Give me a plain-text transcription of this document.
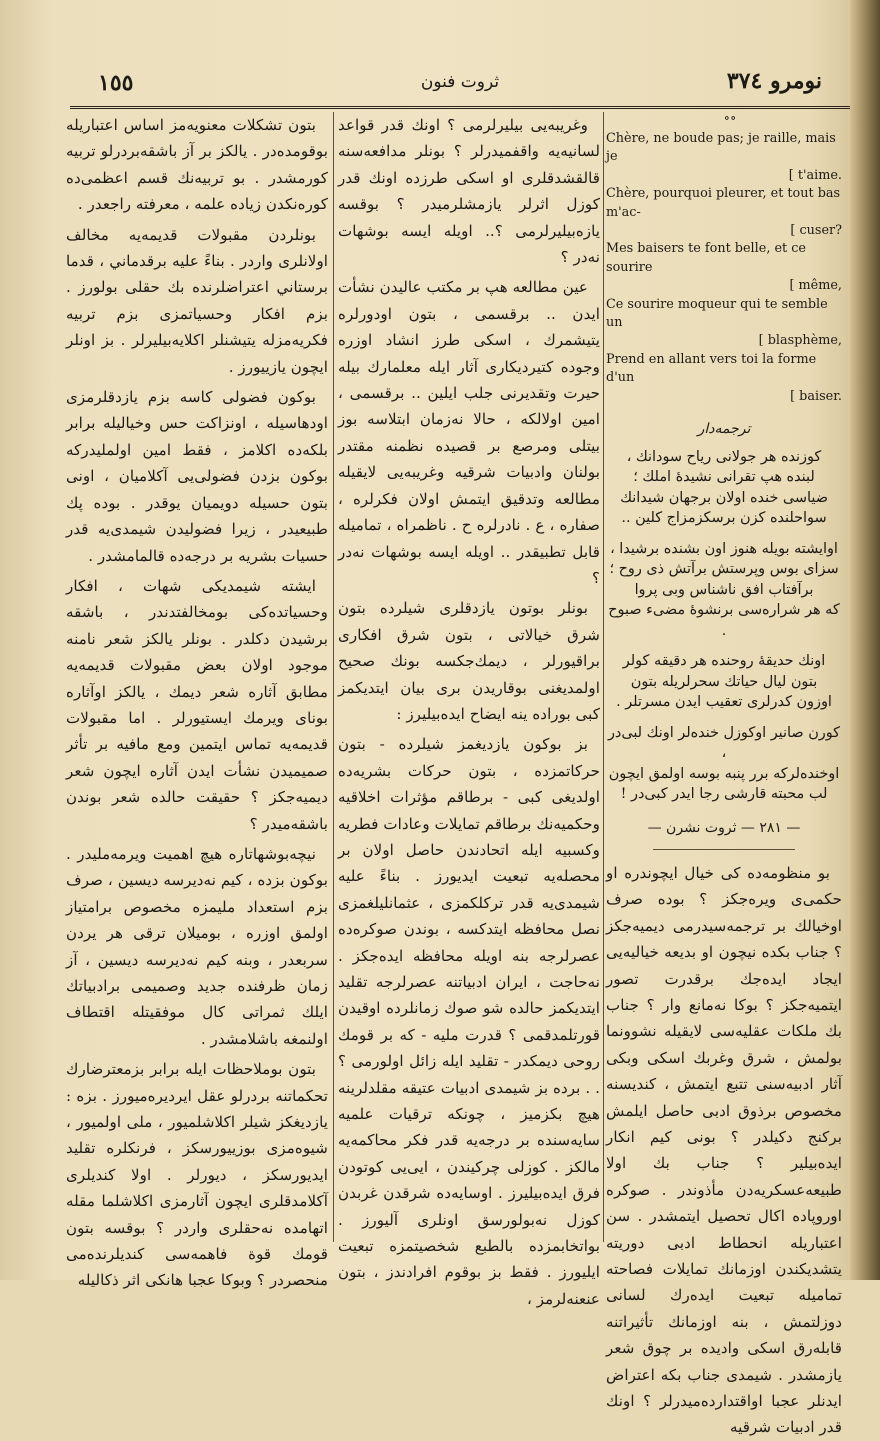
١٥٥	ثروت فنون	نومرو ٣٧٤

بتون تشكلات معنويه‌مز اساس اعتباريله بوقومده‌در . يالكز بر آز باشقه‌بردرلو تربيه كورمشدر . بو تربيه‌نك قسم اعظمى‌ده كوره‌نكدن زياده علمه ، معرفته راجعدر .

بونلردن مقبولات قديمه‌يه مخالف اولانلرى واردر . بناءً عليه برقدماني ، قدما برستاني اعتراضلرنده بك حقلى بولورز . بزم افكار وحسياتمزى بزم تربيه فكريه‌مزله يتيشنلر اكلايه‌بيليرلر . بز اونلر ايچون يازييورز .

بوكون فضولى كاسه بزم يازدقلرمزى اودهاسيله ، اونزاكت حس وخياليله برابر بلكه‌ده اكلامز ، فقط امين اولمليدركه بوكون بزدن فضولى‌يى آكلاميان ، اونى بتون حسيله دويميان يوقدر . بوده پك طبيعيدر ، زيرا فضوليدن شيمدى‌يه قدر حسيات بشريه بر درجه‌ده قالمامشدر .

ايشته شيمديكى شهات ، افكار وحسياتده‌كى بومخالفتدندر ، باشقه برشيدن دكلدر . بونلر يالكز شعر نامنه موجود اولان بعض مقبولات قديمه‌يه مطابق آثاره شعر ديمك ، يالكز اوآثاره بوناى ويرمك ايستيورلر . اما مقبولات قديمه‌يه تماس ايتمين ومع مافيه بر تأثر صميميدن نشأت ايدن آثاره ايچون شعر ديميه‌جكز ؟ حقيقت حالده شعر بوندن باشقه‌ميدر ؟

نيچه‌بوشهاتاره هيچ اهميت ويرمه‌مليدر . بوكون بزده ، كيم نه‌ديرسه ديسين ، صرف بزم استعداد مليمزه مخصوص برامتياز اولمق اوزره ، بوميلان ترقى هر يردن سربعدر ، وبنه كيم نه‌ديرسه ديسين ، آز زمان ظرفنده جديد وصميمى برادبياتك ايلك ثمراتى كال موفقيتله اقتطاف اولنمغه باشلامشدر .

بتون بوملاحظات ايله برابر بزمعترضارك تحكماتنه بردرلو عقل ايرديره‌ميورز . بزه : يازديغكز شيلر اكلاشلميور ، ملى اولميور ، شيوه‌مزى بوزييورسكز ، فرنكلره تقليد ايديورسكز ، ديورلر . اولا كنديلرى آكلامدقلرى ايچون آثارمزى اكلاشلما مقله اتهامده نه‌حقلرى واردر ؟ بوقسه بتون قومك قوة فاهمه‌سى كنديلرنده‌مى منحصردر ؟ وبوكا عجبا هانكى اثر ذكاليله

وغريبه‌يى بيليرلرمى ؟ اونك قدر قواعد لسانيه‌يه واقفميدرلر ؟ بونلر مدافعه‌سنه قالقشدقلرى او اسكى طرزده اونك قدر كوزل اثرلر يازمشلرميدر ؟ بوقسه يازه‌بيليرلرمى ؟.. اويله ايسه بوشهات نه‌در ؟

عين مطالعه هپ بر مكتب عاليدن نشأت ايدن .. برقسمى ، بتون اودورلره يتيشمرك ، اسكى طرز انشاد اوزره وجوده كتيرديكارى آثار ايله معلمارك بيله حيرت وتقديرنى جلب ايلين .. برقسمى ، امين اولالكه ، حالا نه‌زمان ابتلاسه بوز بيتلى ومرصع بر قصيده نظمنه مقتدر بولنان وادبيات شرقيه وغريبه‌يى لايقيله مطالعه وتدقيق ايتمش اولان فكرلره ، صفاره ، ع . نادرلره ح . ناظمراه ، تماميله قابل تطبيقدر .. اويله ايسه بوشهات نه‌در ؟

بونلر بوتون يازدقلرى شيلرده بتون شرق خيالاتى ، بتون شرق افكارى براقيورلر ، ديمك‌جكسه بونك صحيح اولمديغنى بوقاريدن برى بيان ايتديكمز كبى بوراده ينه ايضاح ايده‌بيليرز :

بز بوكون يازديغمز شيلرده - بتون حركاتمزده ، بتون حركات بشريه‌ده اولديغى كبى - برطاقم مؤثرات اخلاقيه وحكميه‌نك برطاقم تمايلات وعادات فطريه وكسبيه ايله اتحادندن حاصل اولان بر محصله‌يه تبعيت ايديورز . بناءً عليه شيمدى‌يه قدر تركلكمزى ، عثمانليلغمزى نصل محافظه ايتدكسه ، بوندن صوكره‌ده عصرلرجه بنه اويله محافظه ايده‌جكز . نه‌حاجت ، ايران ادبياتنه عصرلرجه تقليد ايتديكمز حالده شو صوك زمانلرده اوقيدن قورتلمدقمى ؟ قدرت مليه - كه بر قومك روحى ديمكدر - تقليد ايله زائل اولورمى ؟ . . برده بز شيمدى ادبيات عتيقه مقلدلرينه هيچ بكزميز ، چونكه ترقيات علميه سايه‌سنده بر درجه‌يه قدر فكر محاكمه‌يه مالكز . كوزلى چركيندن ، ايى‌يى كوتودن فرق ايده‌بيليرز . اوسايه‌ده شرقدن غربدن كوزل نه‌بولورسق اونلرى آليورز . بواتخابمزده بالطبع شخصيتمزه تبعيت ايليورز . فقط بز بوقوم افرادندز ، بتون عنعنه‌لرمز ،

∘∘

Chère, ne boude pas; je raille, mais je
[ t'aime.
Chère, pourquoi pleurer, et tout bas m'ac-
[ cuser?
Mes baisers te font belle, et ce sourire
[ même,
Ce sourire moqueur qui te semble un
[ blasphème,
Prend en allant vers toi la forme d'un
[ baiser.

ترجمه‌دار

كوزنده هر جولانى رياح سودانك ،
لبنده هپ تقرانى نشيدۀ املك ؛
ضياسى خنده اولان برجهان شيدانك
سواحلنده كزن برسكزمزاج كلين ..
اوايشته بويله هنوز اون بشنده برشيدا ،
سزاى بوس وپرستش برآتش ذى روح ؛
برآفتاب افق ناشناس وبى پروا
كه هر شراره‌سى برنشوۀ مضىء صبوح .
اونك حديقۀ روحنده هر دقيقه كولر
بتون ليال حياتك سحرلريله بتون
اوزون كدرلرى تعقيب ايدن مسرتلر .
كورن صانير اوكوزل خنده‌لر اونك لبى‌در ،
اوخنده‌لركه برر پنبه بوسه اولمق ايچون
لب محبته قارشى رجا ايدر كبى‌در !

— ٢٨١ — ثروت نشرن —

بو منظومه‌ده كى خيال ايچوندره او حكمى‌ى ويره‌جكز ؟ بوده صرف اوخيالك بر ترجمه‌سيدرمى ديميه‌جكز ؟ جناب بكده نيچون او بديعه خياليه‌يى ايجاد ايده‌جك برقدرت تصور ايتميه‌جكز ؟ بوكا نه‌مانع وار ؟ جناب بك ملكات عقليه‌سى لايقيله نشوونما بولمش ، شرق وغربك اسكى وبكى آثار ادبيه‌سنى تتبع ايتمش ، كنديسنه مخصوص برذوق ادبى حاصل ايلمش بركنج دكيلدر ؟ بونى كيم انكار ايده‌بيلير ؟ جناب بك اولا طبيعه‌عسكريه‌دن مأذوندر . صوكره اوروپاده اكال تحصيل ايتمشدر . سن اعتباريله انحطاط ادبى دوريته يتشديكندن اوزمانك تمايلات فصاحته تماميله تبعيت ايده‌رك لسانى دوزلتمش ، بنه اوزمانك تأثيراتنه قابله‌رق اسكى واديده بر چوق شعر يازمشدر . شيمدى جناب بكه اعتراض ايدنلر عجبا اواقتدارده‌ميدرلر ؟ اونك قدر ادبيات شرقيه
